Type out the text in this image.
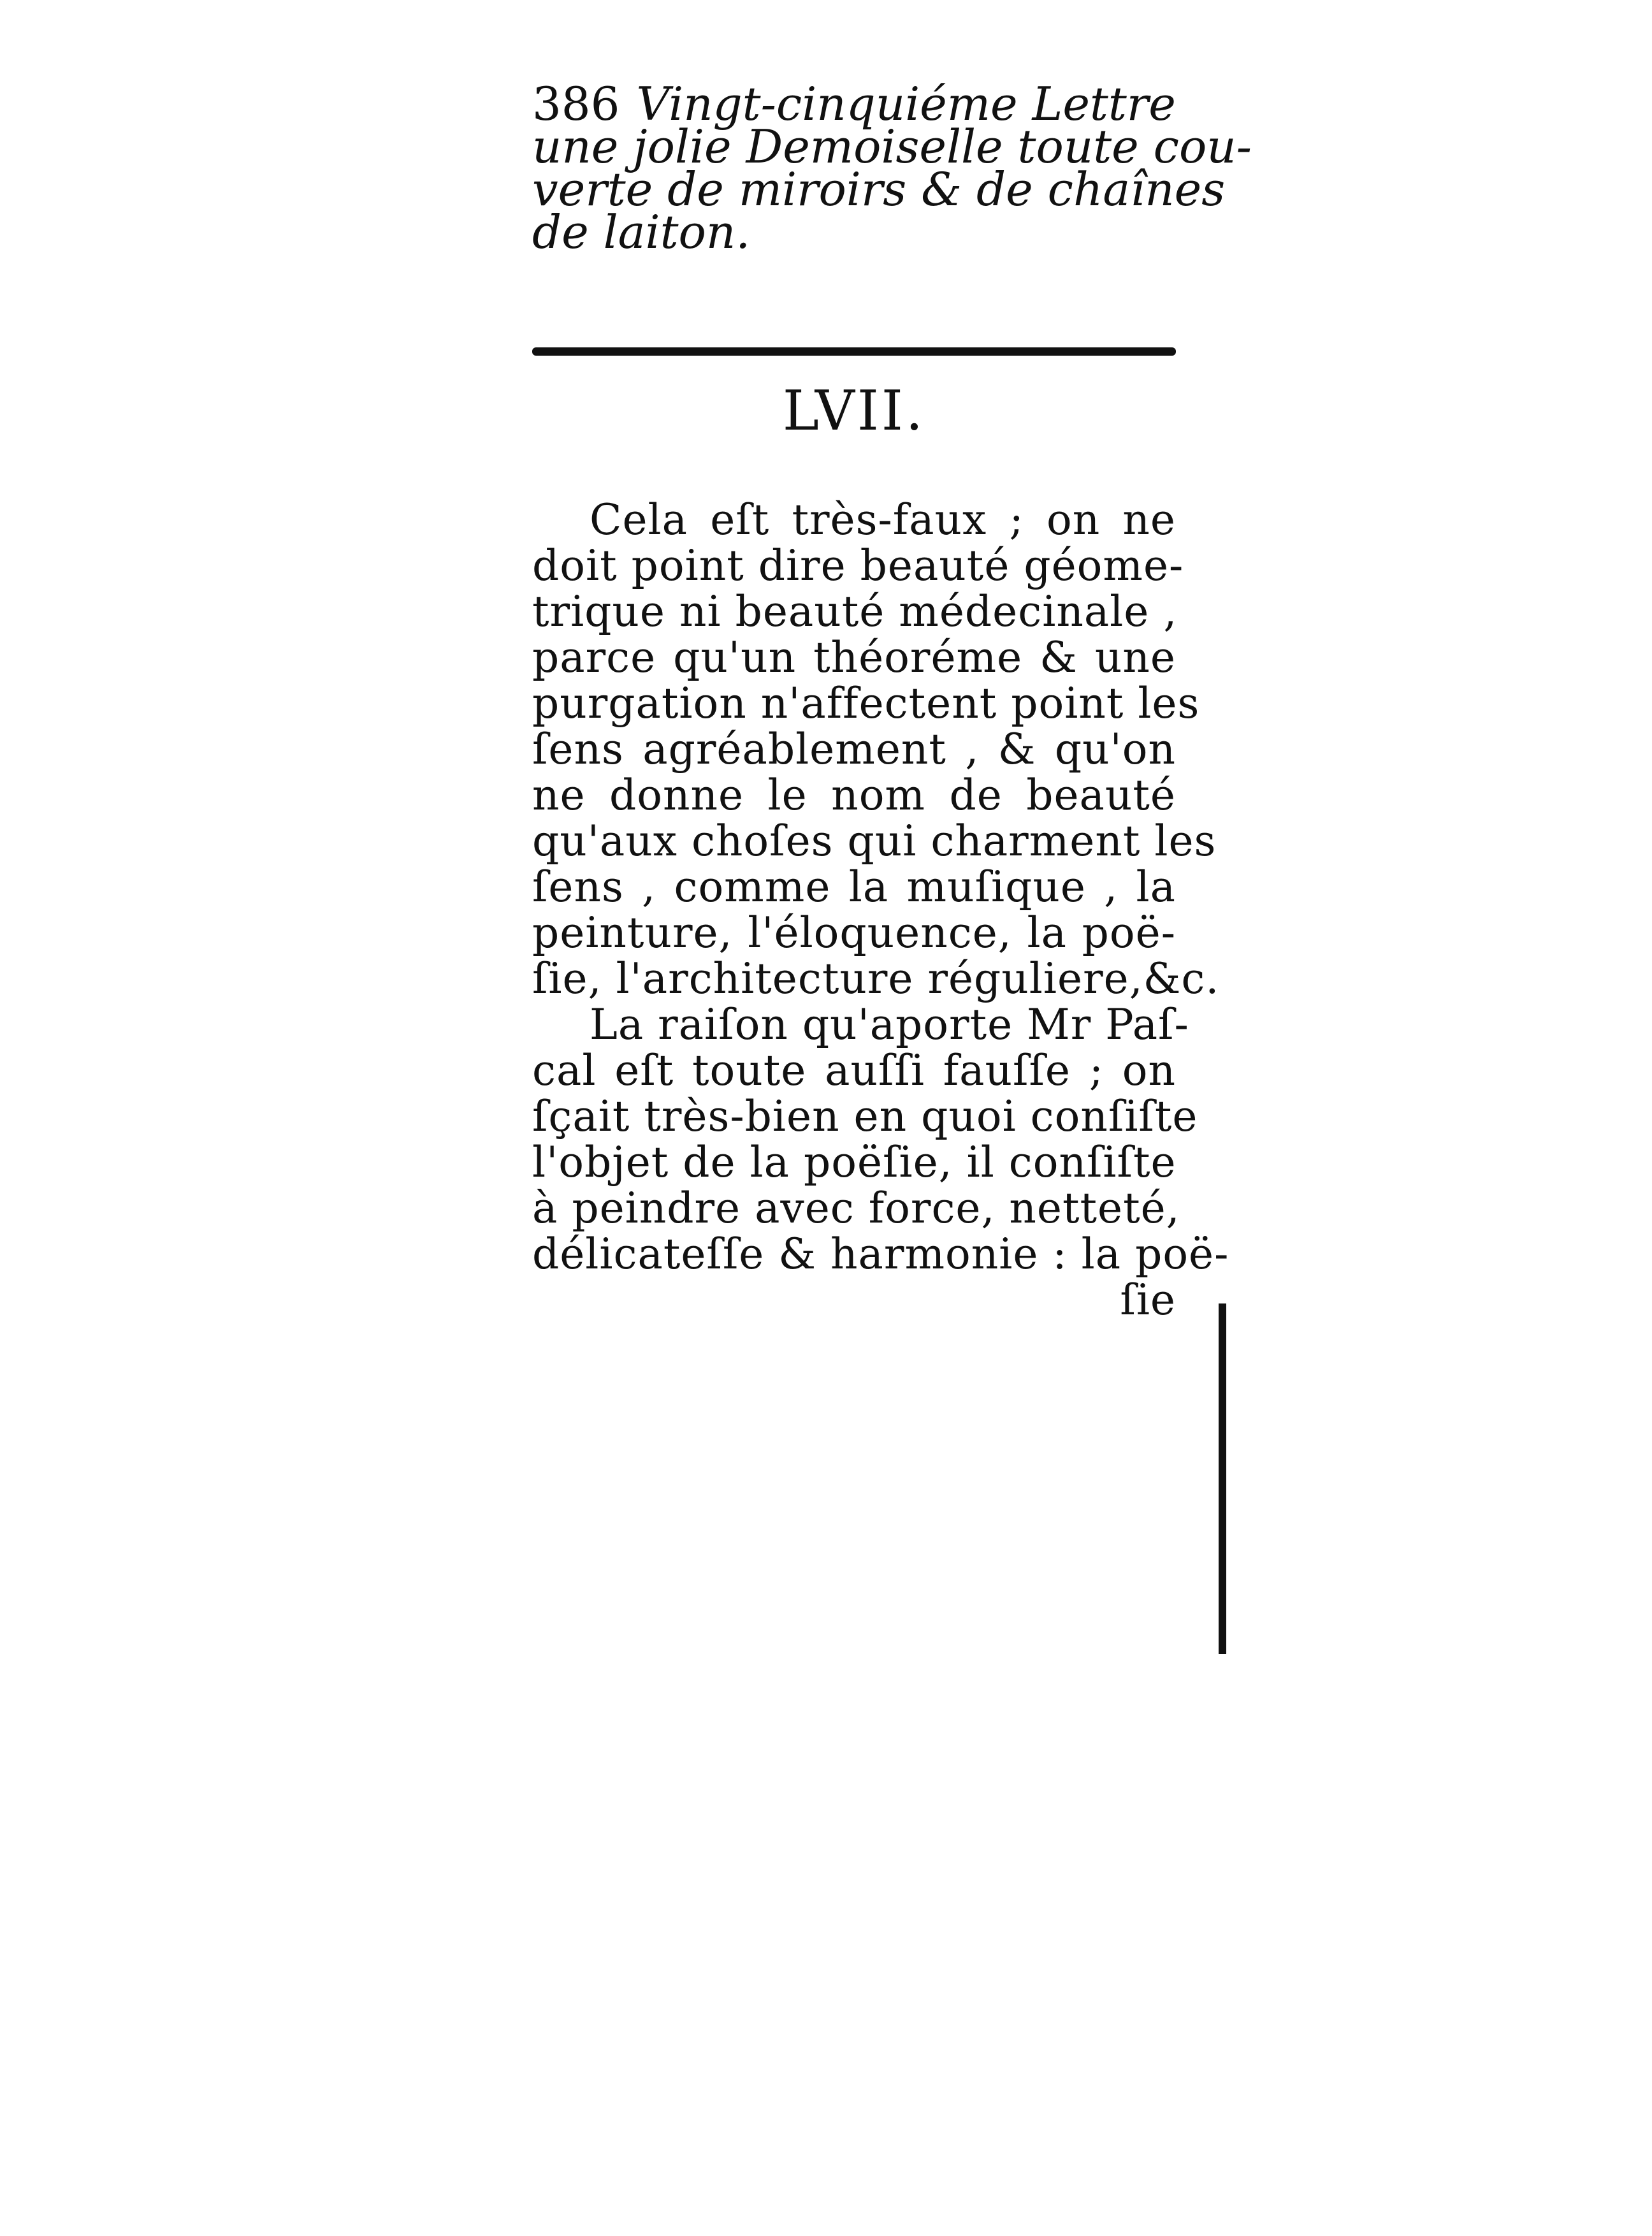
386 Vingt-cinquiéme Lettre
une jolie Demoiselle toute cou-
verte de miroirs & de chaînes
de laiton.
LVII.
Cela eſt très-faux ; on ne
doit point dire beauté géome-
trique ni beauté médecinale ,
parce qu'un théoréme & une
purgation n'affectent point les
ſens agréablement , & qu'on
ne donne le nom de beauté
qu'aux choſes qui charment les
ſens , comme la muſique , la
peinture, l'éloquence, la poë-
ſie, l'architecture réguliere,&c.
La raiſon qu'aporte Mr Paſ-
cal eſt toute auſſi fauſſe ; on
ſçait très-bien en quoi conſiſte
l'objet de la poëſie, il conſiſte
à peindre avec force, netteté,
délicateſſe & harmonie : la poë-
ſie
